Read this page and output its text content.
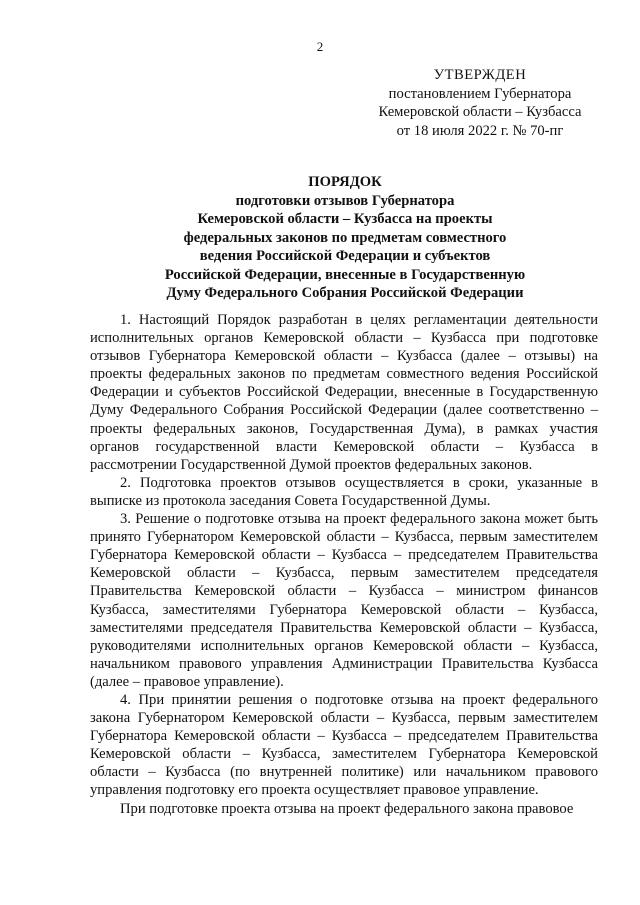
2
УТВЕРЖДЕН
постановлением Губернатора
Кемеровской области – Кузбасса
от 18 июля 2022 г. № 70-пг
ПОРЯДОК
подготовки отзывов Губернатора
Кемеровской области – Кузбасса на проекты
федеральных законов по предметам совместного
ведения Российской Федерации и субъектов
Российской Федерации, внесенные в Государственную
Думу Федерального Собрания Российской Федерации

1. Настоящий Порядок разработан в целях регламентации деятельности исполнительных органов Кемеровской области – Кузбасса при подготовке отзывов Губернатора Кемеровской области – Кузбасса (далее – отзывы) на проекты федеральных законов по предметам совместного ведения Российской Федерации и субъектов Российской Федерации, внесенные в Государственную Думу Федерального Собрания Российской Федерации (далее соответственно – проекты федеральных законов, Государственная Дума), в рамках участия органов государственной власти Кемеровской области – Кузбасса в рассмотрении Государственной Думой проектов федеральных законов.

2. Подготовка проектов отзывов осуществляется в сроки, указанные в выписке из протокола заседания Совета Государственной Думы.

3. Решение о подготовке отзыва на проект федерального закона может быть принято Губернатором Кемеровской области – Кузбасса, первым заместителем Губернатора Кемеровской области – Кузбасса – председателем Правительства Кемеровской области – Кузбасса, первым заместителем председателя Правительства Кемеровской области – Кузбасса – министром финансов Кузбасса, заместителями Губернатора Кемеровской области – Кузбасса, заместителями председателя Правительства Кемеровской области – Кузбасса, руководителями исполнительных органов Кемеровской области – Кузбасса, начальником правового управления Администрации Правительства Кузбасса (далее – правовое управление).

4. При принятии решения о подготовке отзыва на проект федерального закона Губернатором Кемеровской области – Кузбасса, первым заместителем Губернатора Кемеровской области – Кузбасса – председателем Правительства Кемеровской области – Кузбасса, заместителем Губернатора Кемеровской области – Кузбасса (по внутренней политике) или начальником правового управления подготовку его проекта осуществляет правовое управление.

При подготовке проекта отзыва на проект федерального закона правовое
